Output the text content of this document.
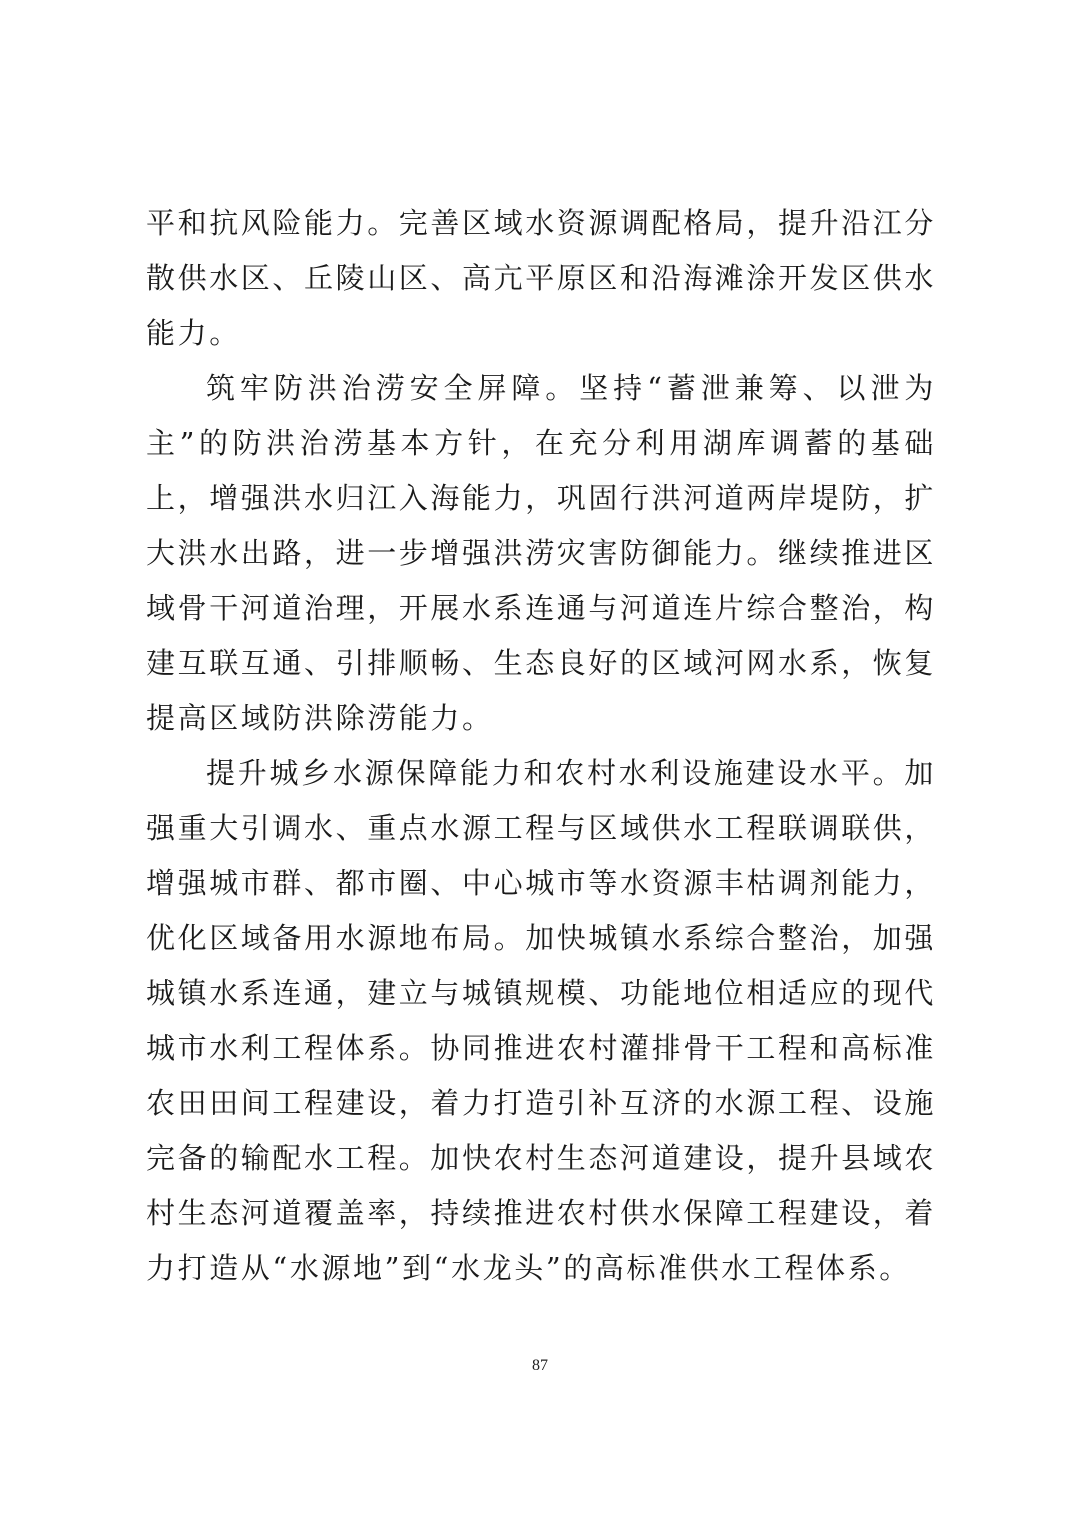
平和抗风险能力。完善区域水资源调配格局，提升沿江分散供水区、丘陵山区、高亢平原区和沿海滩涂开发区供水能力。

筑牢防洪治涝安全屏障。坚持“蓄泄兼筹、以泄为主”的防洪治涝基本方针，在充分利用湖库调蓄的基础上，增强洪水归江入海能力，巩固行洪河道两岸堤防，扩大洪水出路，进一步增强洪涝灾害防御能力。继续推进区域骨干河道治理，开展水系连通与河道连片综合整治，构建互联互通、引排顺畅、生态良好的区域河网水系，恢复提高区域防洪除涝能力。

提升城乡水源保障能力和农村水利设施建设水平。加强重大引调水、重点水源工程与区域供水工程联调联供，增强城市群、都市圈、中心城市等水资源丰枯调剂能力，优化区域备用水源地布局。加快城镇水系综合整治，加强城镇水系连通，建立与城镇规模、功能地位相适应的现代城市水利工程体系。协同推进农村灌排骨干工程和高标准农田田间工程建设，着力打造引补互济的水源工程、设施完备的输配水工程。加快农村生态河道建设，提升县域农村生态河道覆盖率，持续推进农村供水保障工程建设，着力打造从“水源地”到“水龙头”的高标准供水工程体系。

87
